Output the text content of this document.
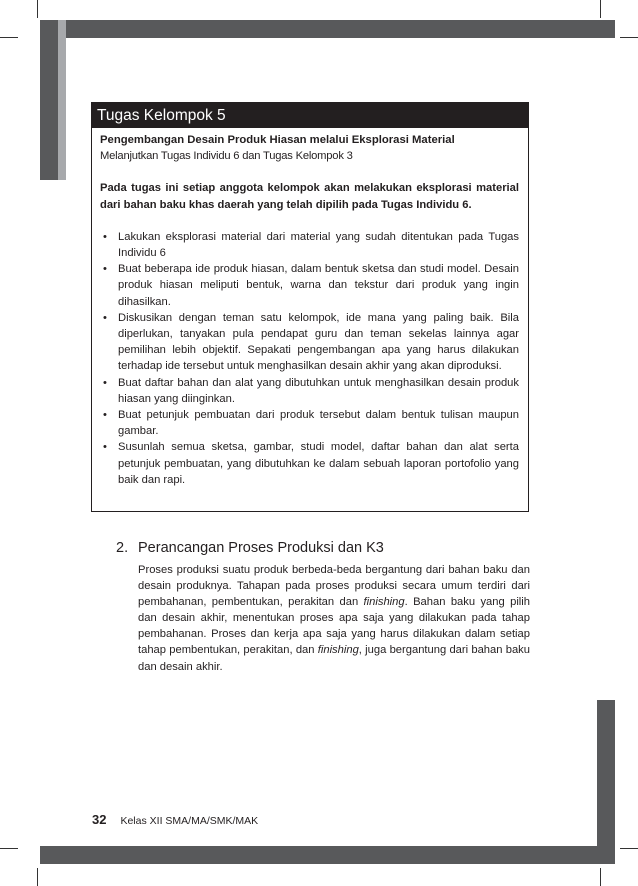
Tugas Kelompok 5
Pengembangan Desain Produk Hiasan melalui Eksplorasi Material
Melanjutkan Tugas Individu 6 dan Tugas Kelompok 3
Pada tugas ini setiap anggota kelompok akan melakukan eksplorasi material dari bahan baku khas daerah yang telah dipilih pada Tugas Individu 6.
• Lakukan eksplorasi material dari material yang sudah ditentukan pada Tugas Individu 6
• Buat beberapa ide produk hiasan, dalam bentuk sketsa dan studi model. Desain produk hiasan meliputi bentuk, warna dan tekstur dari produk yang ingin dihasilkan.
• Diskusikan dengan teman satu kelompok, ide mana yang paling baik. Bila diperlukan, tanyakan pula pendapat guru dan teman sekelas lainnya agar pemilihan lebih objektif. Sepakati pengembangan apa yang harus dilakukan terhadap ide tersebut untuk menghasilkan desain akhir yang akan diproduksi.
• Buat daftar bahan dan alat yang dibutuhkan untuk menghasilkan desain produk hiasan yang diinginkan.
• Buat petunjuk pembuatan dari produk tersebut dalam bentuk tulisan maupun gambar.
• Susunlah semua sketsa, gambar, studi model, daftar bahan dan alat serta petunjuk pembuatan, yang dibutuhkan ke dalam sebuah laporan portofolio yang baik dan rapi.
2. Perancangan Proses Produksi dan K3
Proses produksi suatu produk berbeda-beda bergantung dari bahan baku dan desain produknya. Tahapan pada proses produksi secara umum terdiri dari pembahanan, pembentukan, perakitan dan finishing. Bahan baku yang pilih dan desain akhir, menentukan proses apa saja yang dilakukan pada tahap pembahanan. Proses dan kerja apa saja yang harus dilakukan dalam setiap tahap pembentukan, perakitan, dan finishing, juga bergantung dari bahan baku dan desain akhir.
32 Kelas XII SMA/MA/SMK/MAK
